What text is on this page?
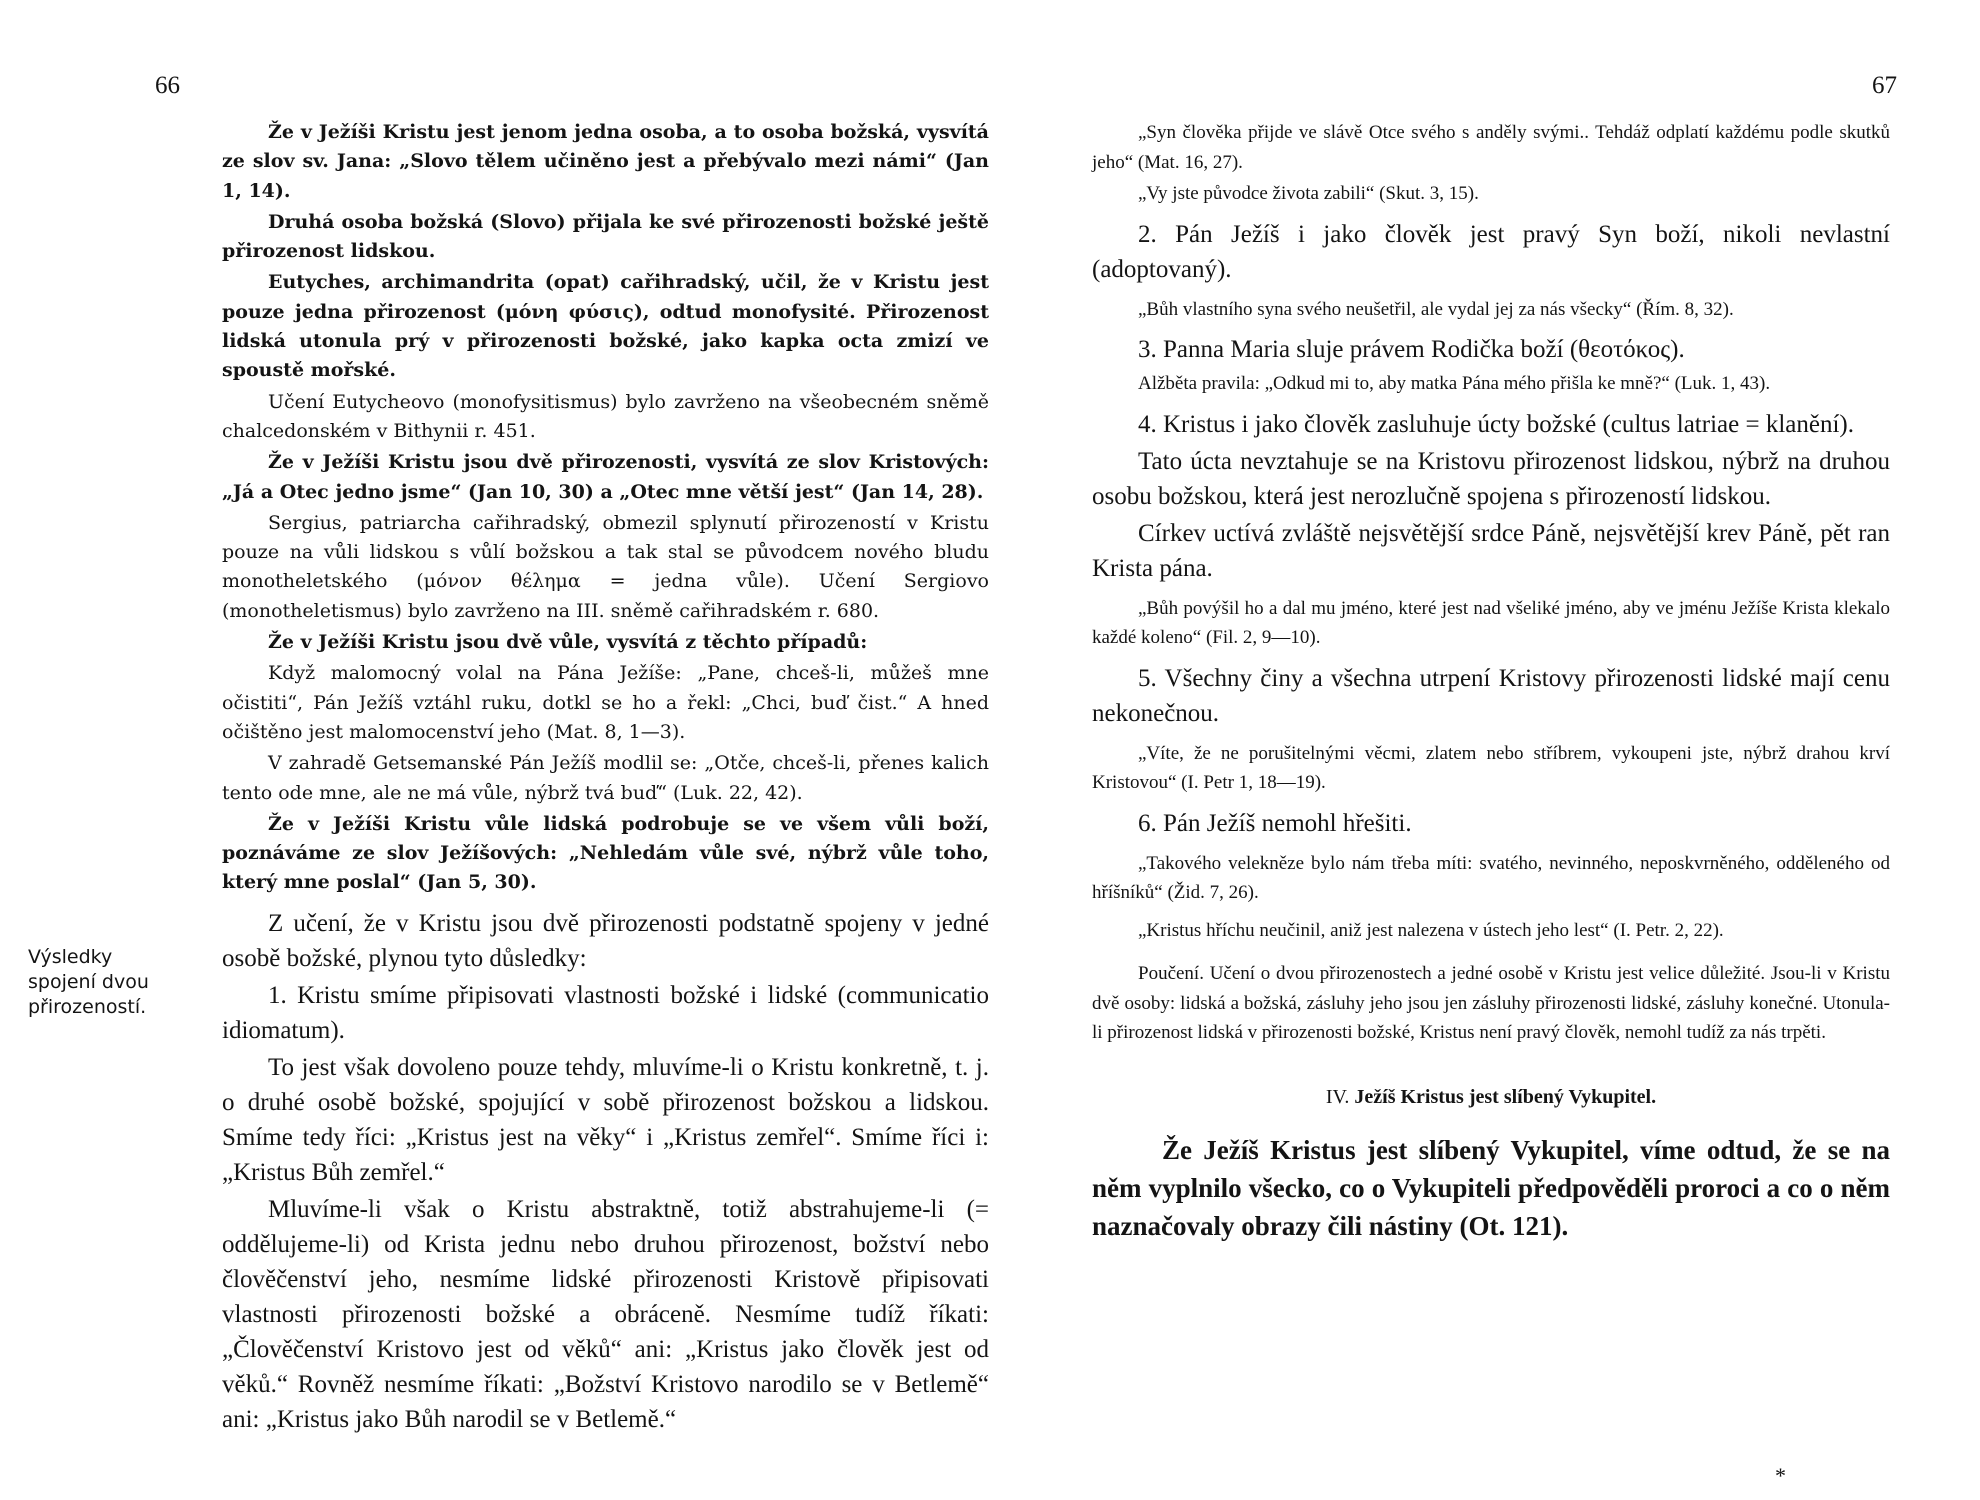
66

Že v Ježíši Kristu jest jenom jedna osoba, a to osoba božská, vysvítá ze slov sv. Jana: „Slovo tělem učiněno jest a přebývalo mezi námi“ (Jan 1, 14).

Druhá osoba božská (Slovo) přijala ke své přirozenosti božské ještě přirozenost lidskou.

Eutyches, archimandrita (opat) cařihradský, učil, že v Kristu jest pouze jedna přirozenost (μόνη φύσις), odtud monofysité. Přirozenost lidská utonula prý v přirozenosti božské, jako kapka octa zmizí ve spoustě mořské.

Učení Eutycheovo (monofysitismus) bylo zavrženo na všeobecném sněmě chalcedonském v Bithynii r. 451.

Že v Ježíši Kristu jsou dvě přirozenosti, vysvítá ze slov Kristových: „Já a Otec jedno jsme“ (Jan 10, 30) a „Otec mne větší jest“ (Jan 14, 28).

Sergius, patriarcha cařihradský, obmezil splynutí přirozeností v Kristu pouze na vůli lidskou s vůlí božskou a tak stal se původcem nového bludu monotheletského (μόνον θέλημα = jedna vůle). Učení Sergiovo (monotheletismus) bylo zavrženo na III. sněmě cařihradském r. 680.

Že v Ježíši Kristu jsou dvě vůle, vysvítá z těchto případů:

Když malomocný volal na Pána Ježíše: „Pane, chceš-li, můžeš mne očistiti“, Pán Ježíš vztáhl ruku, dotkl se ho a řekl: „Chci, buď čist.“ A hned očištěno jest malomocenství jeho (Mat. 8, 1—3).

V zahradě Getsemanské Pán Ježíš modlil se: „Otče, chceš-li, přenes kalich tento ode mne, ale ne má vůle, nýbrž tvá buď“ (Luk. 22, 42).

Že v Ježíši Kristu vůle lidská podrobuje se ve všem vůli boží, poznáváme ze slov Ježíšových: „Nehledám vůle své, nýbrž vůle toho, který mne poslal“ (Jan 5, 30).

Z učení, že v Kristu jsou dvě přirozenosti podstatně spojeny v jedné osobě božské, plynou tyto důsledky:

1. Kristu smíme připisovati vlastnosti božské i lidské (communicatio idiomatum).

To jest však dovoleno pouze tehdy, mluvíme-li o Kristu konkretně, t. j. o druhé osobě božské, spojující v sobě přirozenost božskou a lidskou. Smíme tedy říci: „Kristus jest na věky“ i „Kristus zemřel“. Smíme říci i: „Kristus Bůh zemřel.“

Mluvíme-li však o Kristu abstraktně, totiž abstrahujeme-li (= oddělujeme-li) od Krista jednu nebo druhou přirozenost, božství nebo člověčenství jeho, nesmíme lidské přirozenosti Kristově připisovati vlastnosti přirozenosti božské a obráceně. Nesmíme tudíž říkati: „Člověčenství Kristovo jest od věků“ ani: „Kristus jako člověk jest od věků.“ Rovněž nesmíme říkati: „Božství Kristovo narodilo se v Betlemě“ ani: „Kristus jako Bůh narodil se v Betlemě.“

Výsledky spojení dvou přirozeností.
67

„Syn člověka přijde ve slávě Otce svého s anděly svými.. Tehdáž odplatí každému podle skutků jeho“ (Mat. 16, 27).

„Vy jste původce života zabili“ (Skut. 3, 15).

2. Pán Ježíš i jako člověk jest pravý Syn boží, nikoli nevlastní (adoptovaný).

„Bůh vlastního syna svého neušetřil, ale vydal jej za nás všecky“ (Řím. 8, 32).

3. Panna Maria sluje právem Rodička boží (θεοτόκος).

Alžběta pravila: „Odkud mi to, aby matka Pána mého přišla ke mně?“ (Luk. 1, 43).

4. Kristus i jako člověk zasluhuje úcty božské (cultus latriae = klanění).

Tato úcta nevztahuje se na Kristovu přirozenost lidskou, nýbrž na druhou osobu božskou, která jest nerozlučně spojena s přirozeností lidskou.

Církev uctívá zvláště nejsvětější srdce Páně, nejsvětější krev Páně, pět ran Krista pána.

„Bůh povýšil ho a dal mu jméno, které jest nad všeliké jméno, aby ve jménu Ježíše Krista klekalo každé koleno“ (Fil. 2, 9—10).

5. Všechny činy a všechna utrpení Kristovy přirozenosti lidské mají cenu nekonečnou.

„Víte, že ne porušitelnými věcmi, zlatem nebo stříbrem, vykoupeni jste, nýbrž drahou krví Kristovou“ (I. Petr 1, 18—19).

6. Pán Ježíš nemohl hřešiti.

„Takového velekněze bylo nám třeba míti: svatého, nevinného, neposkvrněného, odděleného od hříšníků“ (Žid. 7, 26).

„Kristus hříchu neučinil, aniž jest nalezena v ústech jeho lest“ (I. Petr. 2, 22).

Poučení. Učení o dvou přirozenostech a jedné osobě v Kristu jest velice důležité. Jsou-li v Kristu dvě osoby: lidská a božská, zásluhy jeho jsou jen zásluhy přirozenosti lidské, zásluhy konečné. Utonula-li přirozenost lidská v přirozenosti božské, Kristus není pravý člověk, nemohl tudíž za nás trpěti.

IV. Ježíš Kristus jest slíbený Vykupitel.

Že Ježíš Kristus jest slíbený Vykupitel, víme odtud, že se na něm vyplnilo všecko, co o Vykupiteli předpověděli proroci a co o něm naznačovaly obrazy čili nástiny (Ot. 121).

*
